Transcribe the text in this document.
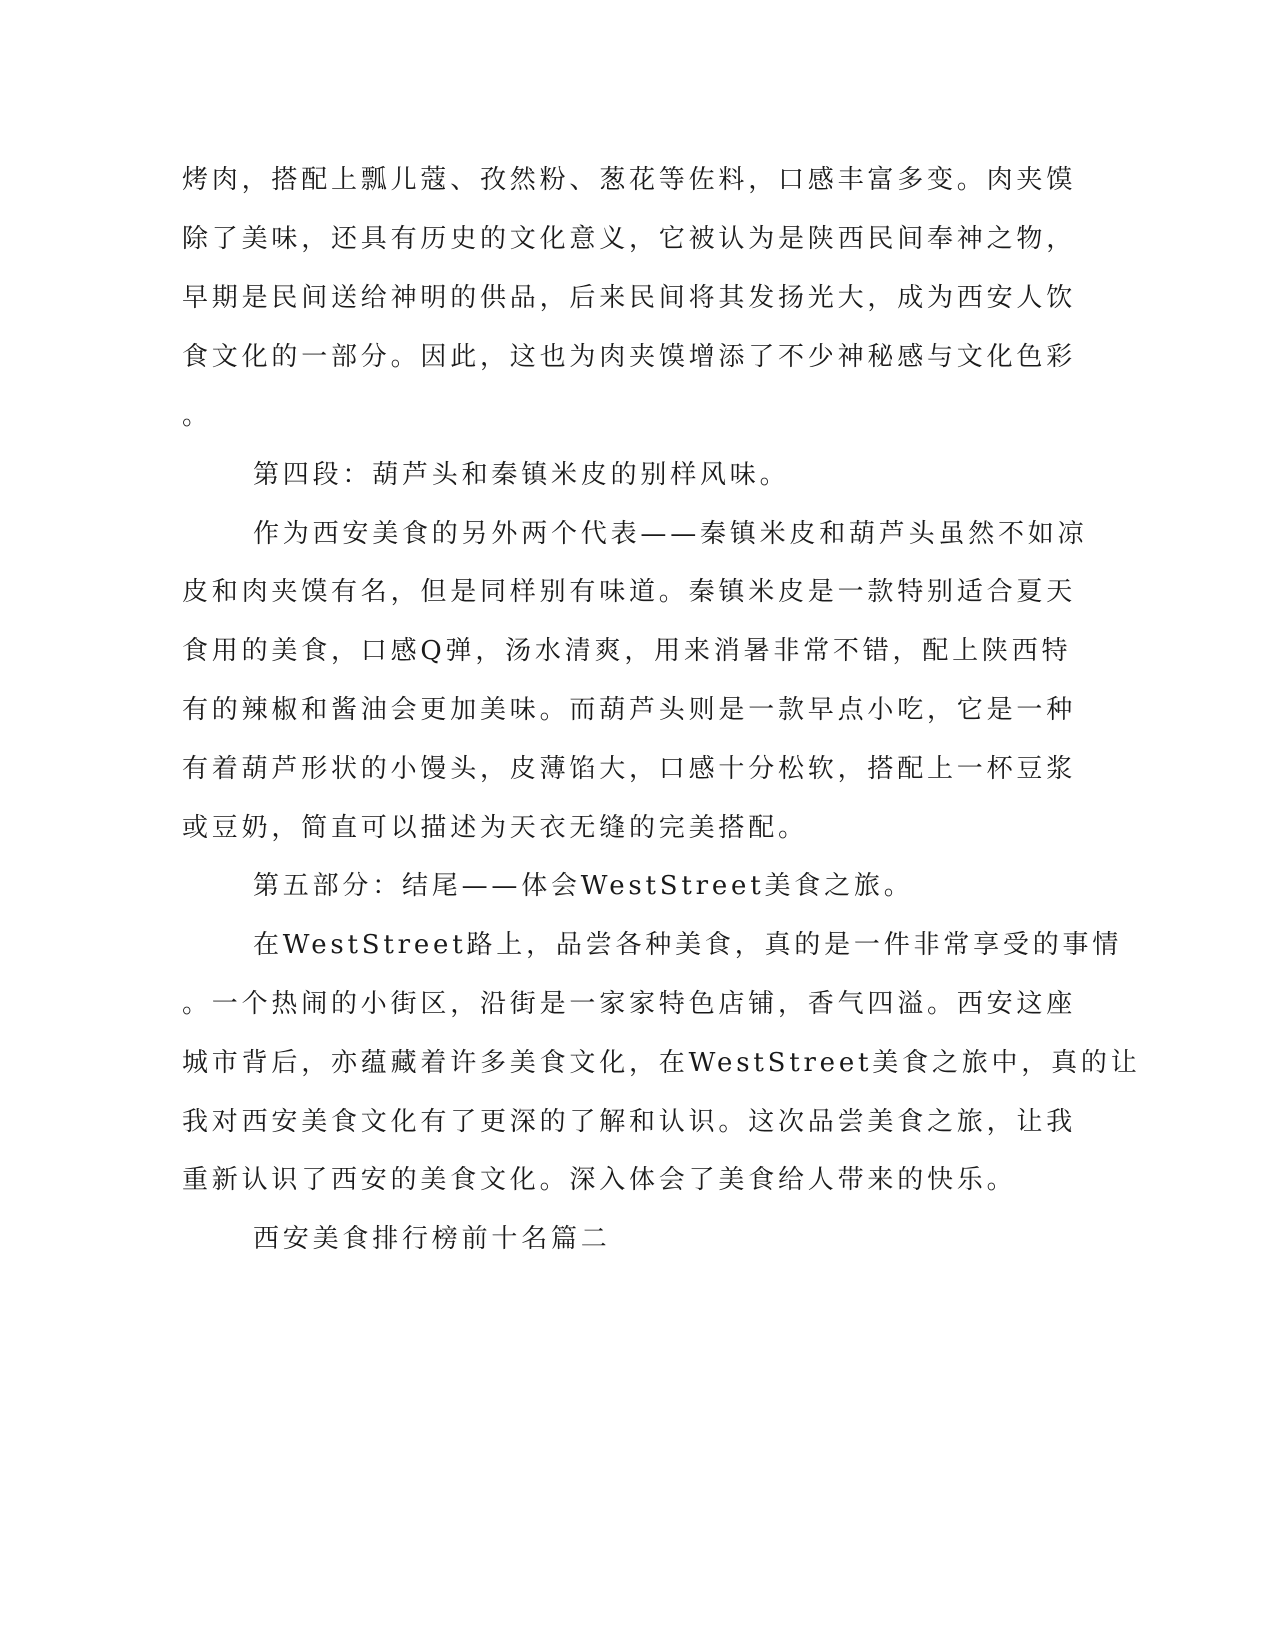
烤肉，搭配上瓢儿蔻、孜然粉、葱花等佐料，口感丰富多变。肉夹馍
除了美味，还具有历史的文化意义，它被认为是陕西民间奉神之物，
早期是民间送给神明的供品，后来民间将其发扬光大，成为西安人饮
食文化的一部分。因此，这也为肉夹馍增添了不少神秘感与文化色彩
。
第四段：葫芦头和秦镇米皮的别样风味。
作为西安美食的另外两个代表——秦镇米皮和葫芦头虽然不如凉
皮和肉夹馍有名，但是同样别有味道。秦镇米皮是一款特别适合夏天
食用的美食，口感Q弹，汤水清爽，用来消暑非常不错，配上陕西特
有的辣椒和酱油会更加美味。而葫芦头则是一款早点小吃，它是一种
有着葫芦形状的小馒头，皮薄馅大，口感十分松软，搭配上一杯豆浆
或豆奶，简直可以描述为天衣无缝的完美搭配。
第五部分：结尾——体会WestStreet美食之旅。
在WestStreet路上，品尝各种美食，真的是一件非常享受的事情
。一个热闹的小街区，沿街是一家家特色店铺，香气四溢。西安这座
城市背后，亦蕴藏着许多美食文化，在WestStreet美食之旅中，真的让
我对西安美食文化有了更深的了解和认识。这次品尝美食之旅，让我
重新认识了西安的美食文化。深入体会了美食给人带来的快乐。
西安美食排行榜前十名篇二
